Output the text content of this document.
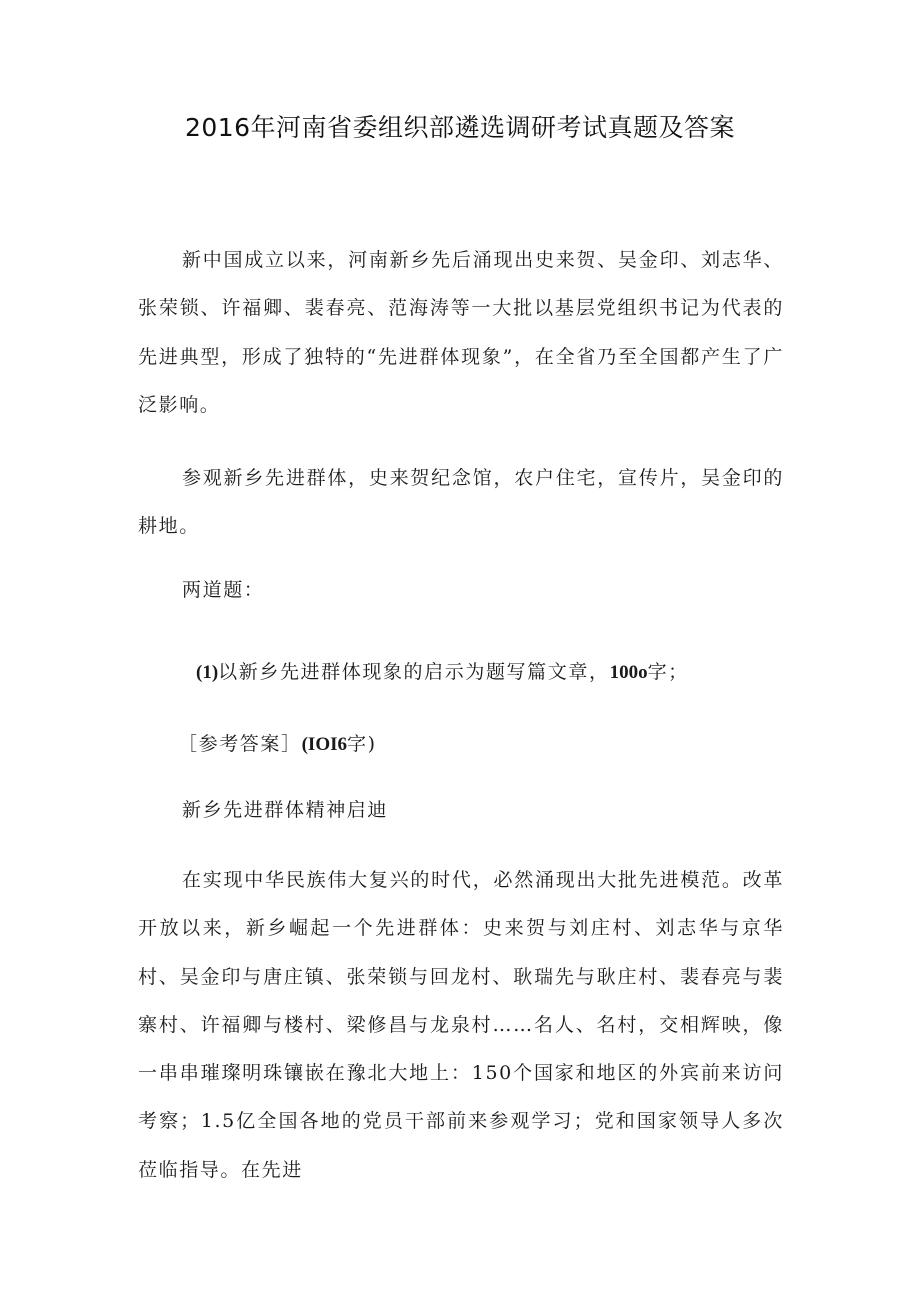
2016年河南省委组织部遴选调研考试真题及答案

新中国成立以来，河南新乡先后涌现出史来贺、吴金印、刘志华、张荣锁、许福卿、裴春亮、范海涛等一大批以基层党组织书记为代表的先进典型，形成了独特的“先进群体现象”，在全省乃至全国都产生了广泛影响。

参观新乡先进群体，史来贺纪念馆，农户住宅，宣传片，吴金印的耕地。

两道题：

(1)以新乡先进群体现象的启示为题写篇文章，100o字；

［参考答案］(IOI6字)

新乡先进群体精神启迪

在实现中华民族伟大复兴的时代，必然涌现出大批先进模范。改革开放以来，新乡崛起一个先进群体：史来贺与刘庄村、刘志华与京华村、吴金印与唐庄镇、张荣锁与回龙村、耿瑞先与耿庄村、裴春亮与裴寨村、许福卿与楼村、梁修昌与龙泉村……名人、名村，交相辉映，像一串串璀璨明珠镶嵌在豫北大地上：150个国家和地区的外宾前来访问考察；1.5亿全国各地的党员干部前来参观学习；党和国家领导人多次莅临指导。在先进
